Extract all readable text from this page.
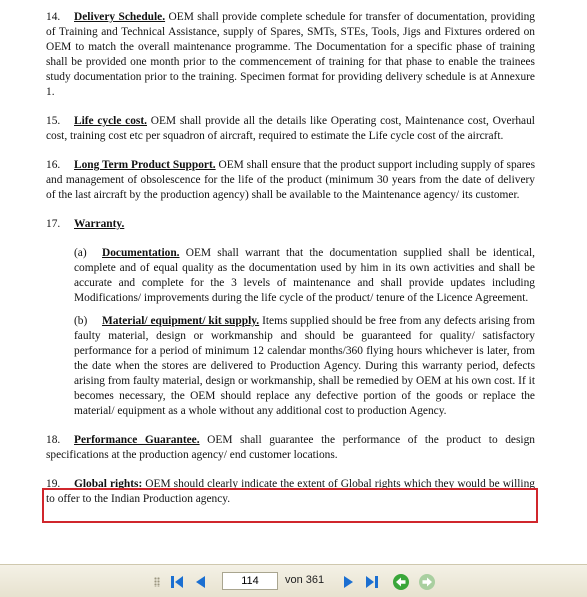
14. Delivery Schedule. OEM shall provide complete schedule for transfer of documentation, providing of Training and Technical Assistance, supply of Spares, SMTs, STEs, Tools, Jigs and Fixtures ordered on OEM to match the overall maintenance programme. The Documentation for a specific phase of training shall be provided one month prior to the commencement of training for that phase to enable the trainees study documentation prior to the training. Specimen format for providing delivery schedule is at Annexure 1.

15. Life cycle cost. OEM shall provide all the details like Operating cost, Maintenance cost, Overhaul cost, training cost etc per squadron of aircraft, required to estimate the Life cycle cost of the aircraft.

16. Long Term Product Support. OEM shall ensure that the product support including supply of spares and management of obsolescence for the life of the product (minimum 30 years from the date of delivery of the last aircraft by the production agency) shall be available to the Maintenance agency/ its customer.

17. Warranty.

(a) Documentation. OEM shall warrant that the documentation supplied shall be identical, complete and of equal quality as the documentation used by him in its own activities and shall be accurate and complete for the 3 levels of maintenance and shall provide updates including Modifications/ improvements during the life cycle of the product/ tenure of the Licence Agreement.

(b) Material/ equipment/ kit supply. Items supplied should be free from any defects arising from faulty material, design or workmanship and should be guaranteed for quality/ satisfactory performance for a period of minimum 12 calendar months/360 flying hours whichever is later, from the date when the stores are delivered to Production Agency. During this warranty period, defects arising from faulty material, design or workmanship, shall be remedied by OEM at his own cost. If it becomes necessary, the OEM should replace any defective portion of the goods or replace the material/ equipment as a whole without any additional cost to production Agency.

18. Performance Guarantee. OEM shall guarantee the performance of the product to design specifications at the production agency/ end customer locations.

19. Global rights: OEM should clearly indicate the extent of Global rights which they would be willing to offer to the Indian Production agency.

114
von 361
